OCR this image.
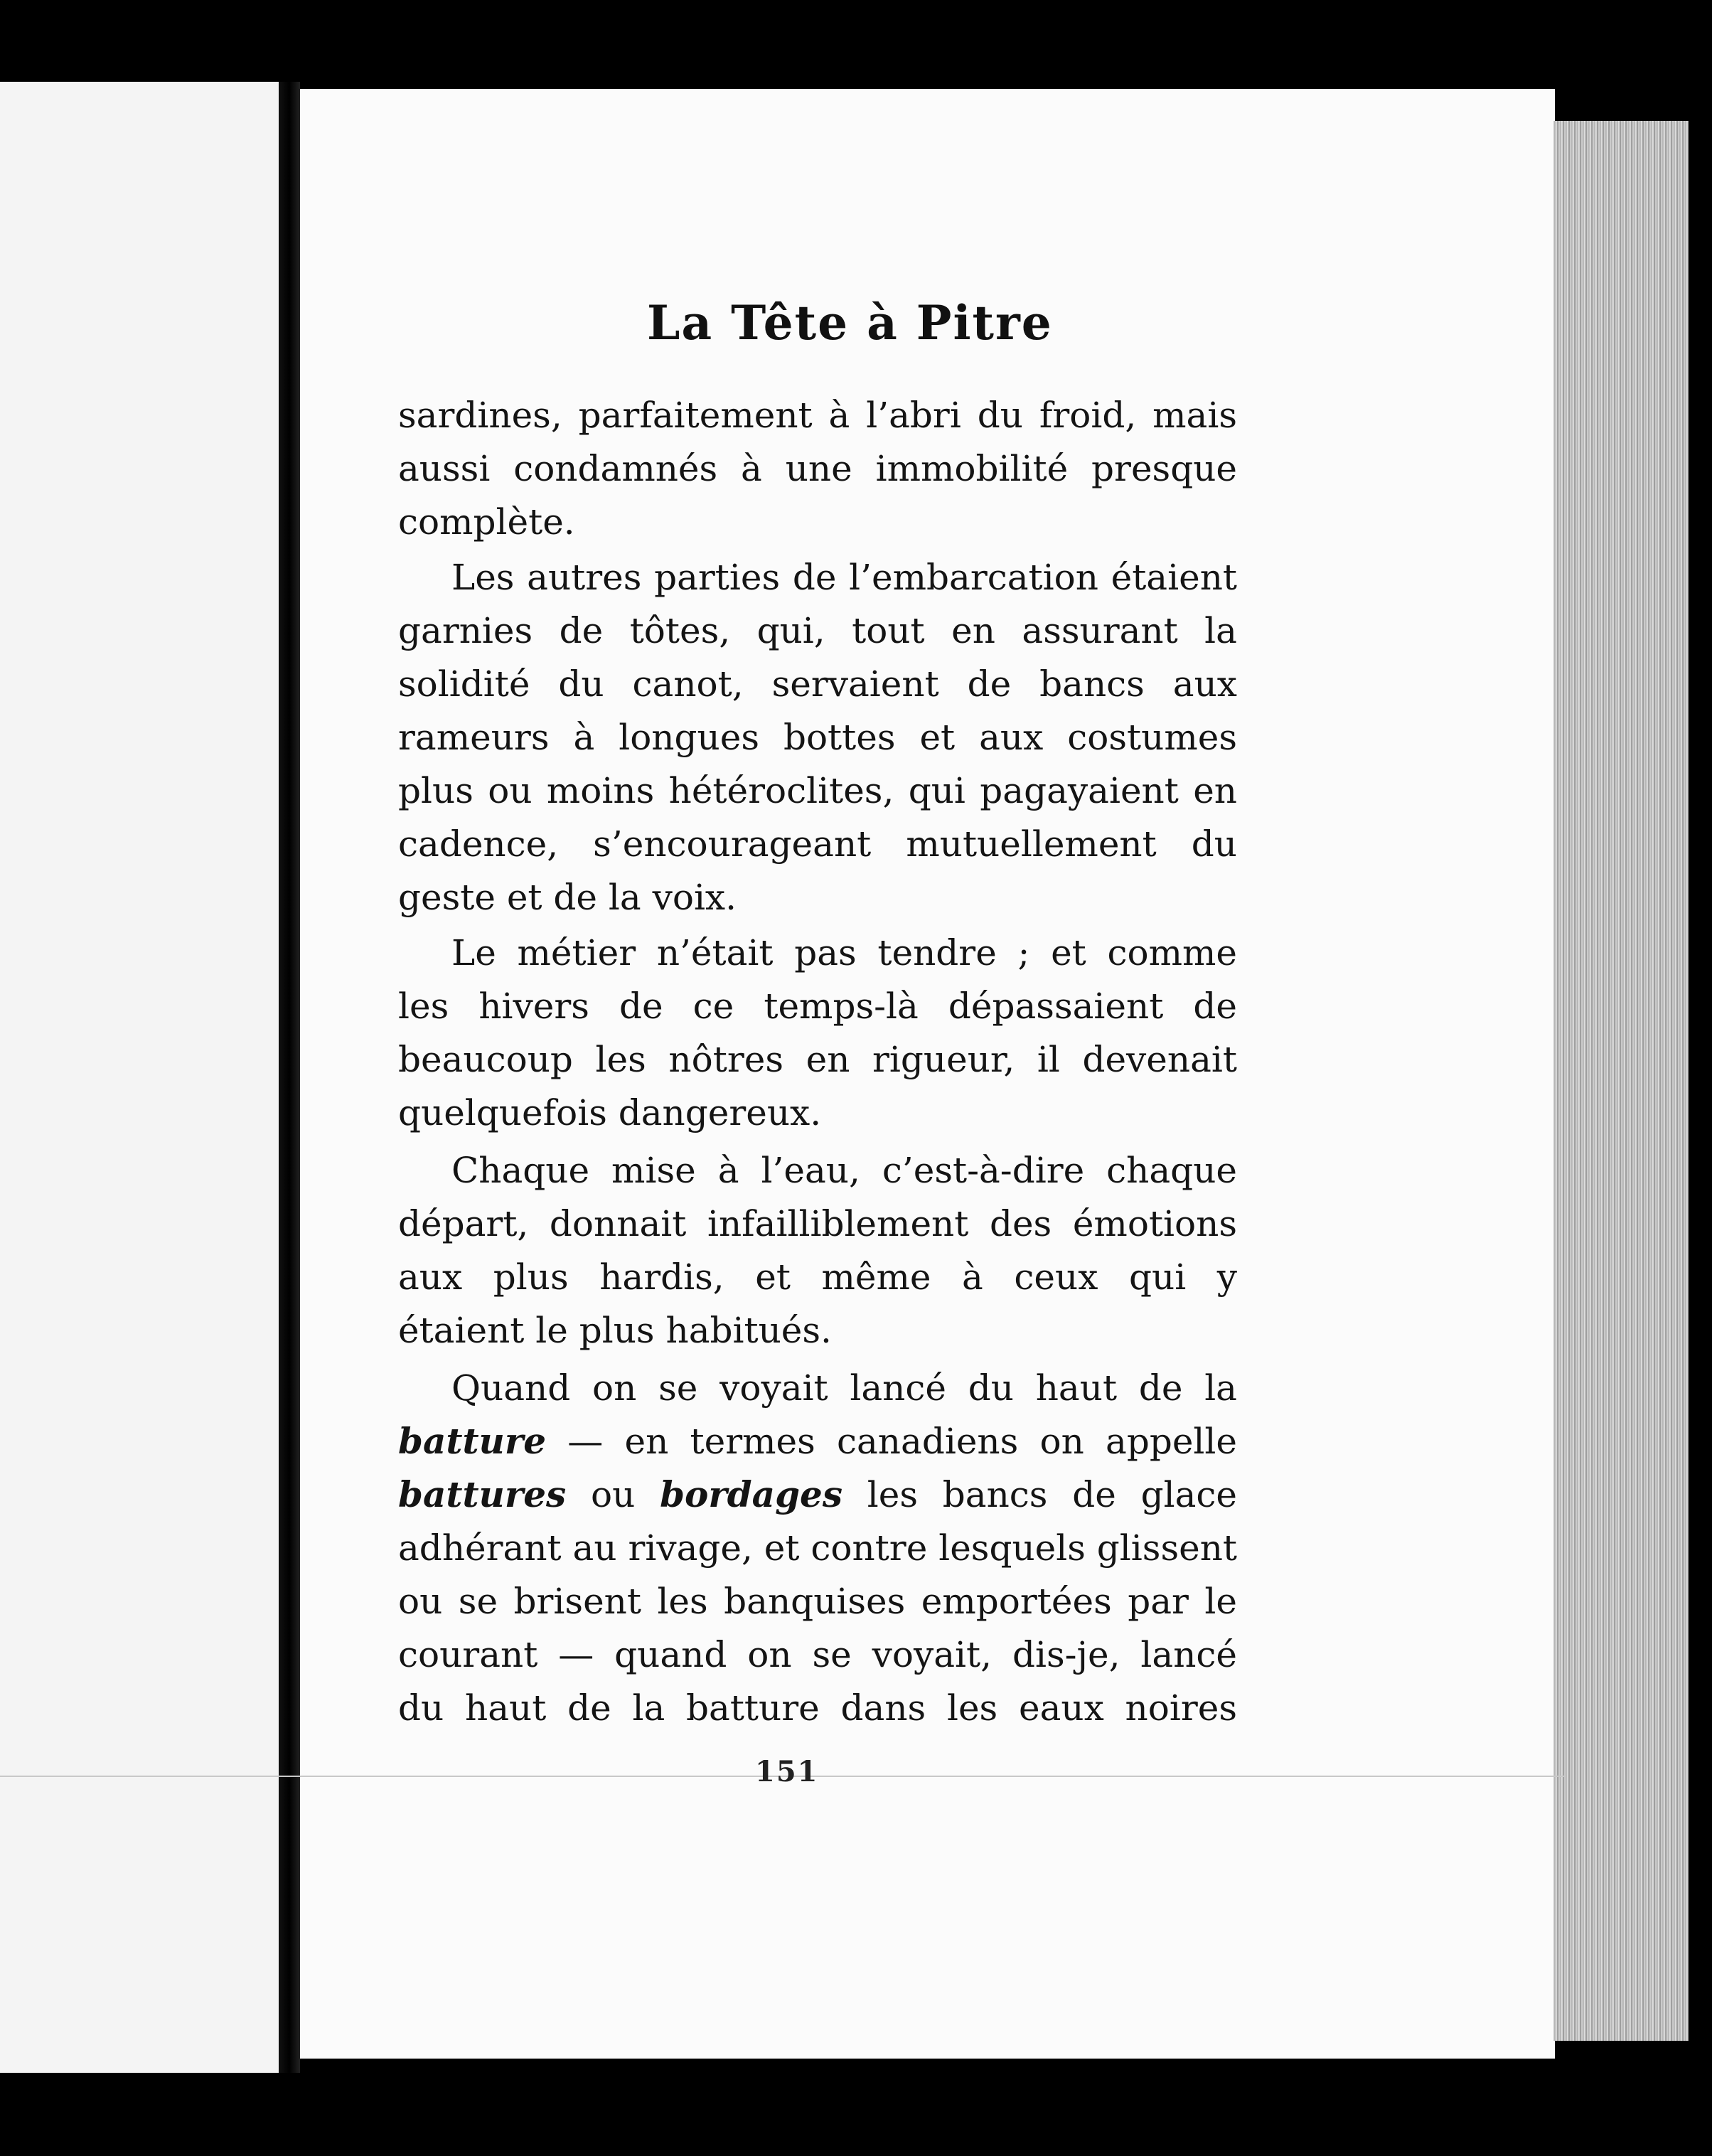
La Tête à Pitre
sardines, parfaitement à l’abri du froid, mais
aussi condamnés à une immobilité presque
complète.
Les autres parties de l’embarcation étaient
garnies de tôtes, qui, tout en assurant la
solidité du canot, servaient de bancs aux
rameurs à longues bottes et aux costumes
plus ou moins hétéroclites, qui pagayaient en
cadence, s’encourageant mutuellement du
geste et de la voix.
Le métier n’était pas tendre ; et comme
les hivers de ce temps-là dépassaient de
beaucoup les nôtres en rigueur, il devenait
quelquefois dangereux.
Chaque mise à l’eau, c’est-à-dire chaque
départ, donnait infailliblement des émotions
aux plus hardis, et même à ceux qui y
étaient le plus habitués.
Quand on se voyait lancé du haut de la
batture — en termes canadiens on appelle
battures ou bordages les bancs de glace
adhérant au rivage, et contre lesquels glissent
ou se brisent les banquises emportées par le
courant — quand on se voyait, dis-je, lancé
du haut de la batture dans les eaux noires
151
